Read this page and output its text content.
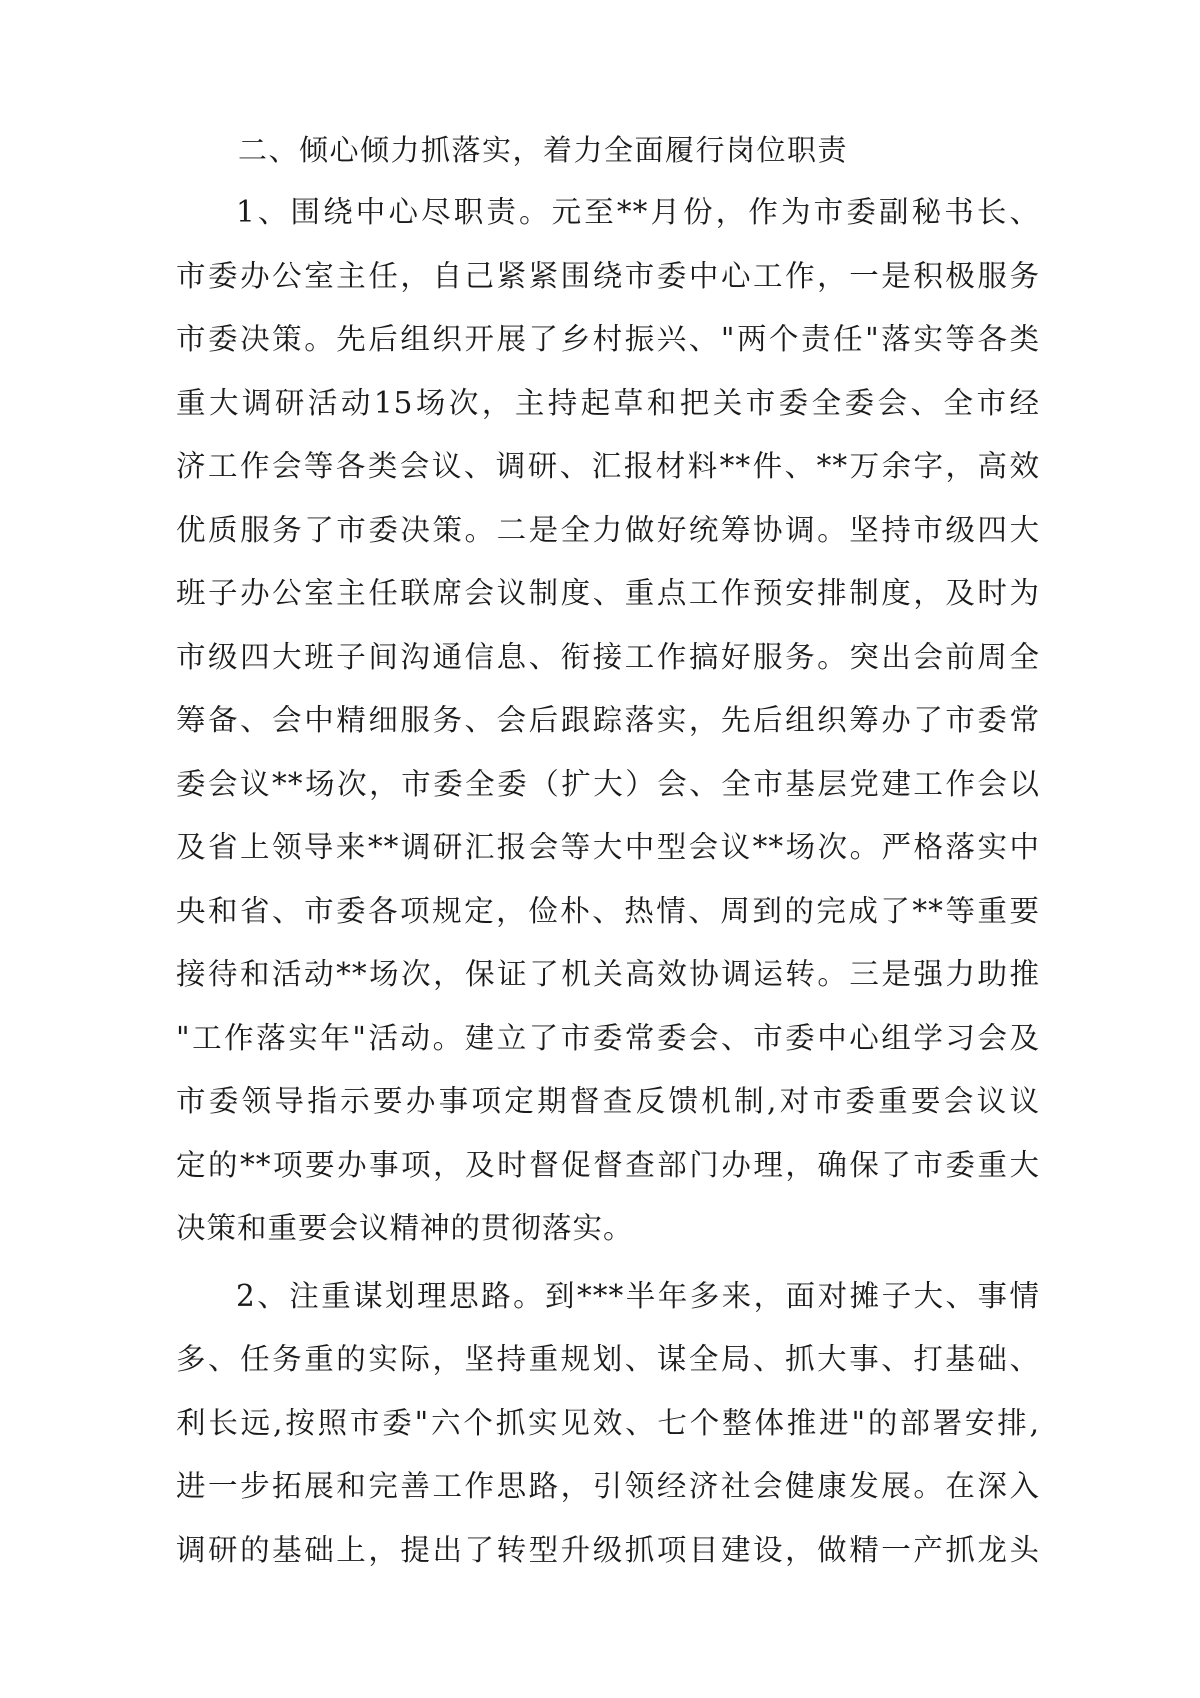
二、倾心倾力抓落实，着力全面履行岗位职责
1、围绕中心尽职责。元至**月份，作为市委副秘书长、
市委办公室主任，自己紧紧围绕市委中心工作，一是积极服务
市委决策。先后组织开展了乡村振兴、"两个责任"落实等各类
重大调研活动15场次，主持起草和把关市委全委会、全市经
济工作会等各类会议、调研、汇报材料**件、**万余字，高效
优质服务了市委决策。二是全力做好统筹协调。坚持市级四大
班子办公室主任联席会议制度、重点工作预安排制度，及时为
市级四大班子间沟通信息、衔接工作搞好服务。突出会前周全
筹备、会中精细服务、会后跟踪落实，先后组织筹办了市委常
委会议**场次，市委全委（扩大）会、全市基层党建工作会以
及省上领导来**调研汇报会等大中型会议**场次。严格落实中
央和省、市委各项规定，俭朴、热情、周到的完成了**等重要
接待和活动**场次，保证了机关高效协调运转。三是强力助推
"工作落实年"活动。建立了市委常委会、市委中心组学习会及
市委领导指示要办事项定期督查反馈机制,对市委重要会议议
定的**项要办事项，及时督促督查部门办理，确保了市委重大
决策和重要会议精神的贯彻落实。
2、注重谋划理思路。到***半年多来，面对摊子大、事情
多、任务重的实际，坚持重规划、谋全局、抓大事、打基础、
利长远,按照市委"六个抓实见效、七个整体推进"的部署安排,
进一步拓展和完善工作思路，引领经济社会健康发展。在深入
调研的基础上，提出了转型升级抓项目建设，做精一产抓龙头
